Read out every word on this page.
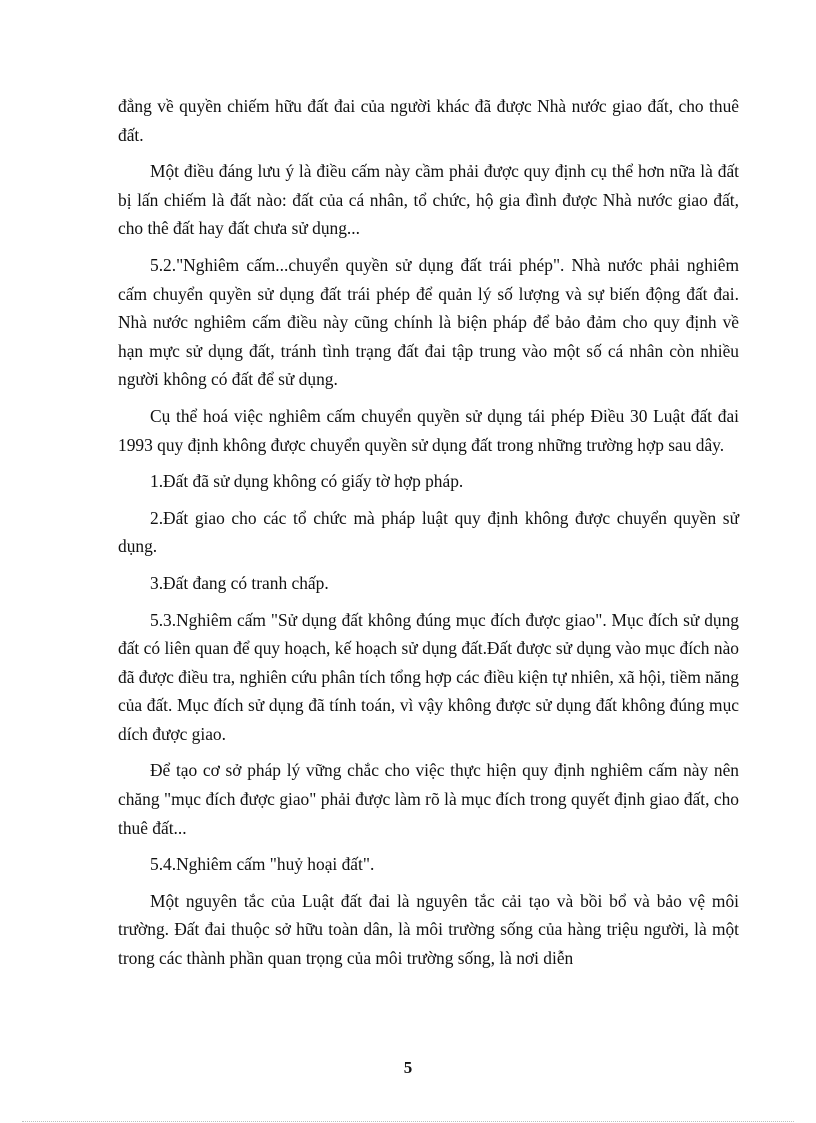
đẳng về quyền chiếm hữu đất đai của người khác đã được Nhà nước giao đất, cho thuê đất.

Một điều đáng lưu ý là điều cấm này cầm phải được quy định cụ thể hơn nữa là đất bị lấn chiếm là đất nào: đất của cá nhân, tổ chức, hộ gia đình được Nhà nước giao đất, cho thê đất hay đất chưa sử dụng...

5.2."Nghiêm cấm...chuyển quyền sử dụng đất trái phép". Nhà nước phải nghiêm cấm chuyển quyền sử dụng đất trái phép để quản lý số lượng và sự biến động đất đai. Nhà nước nghiêm cấm điều này cũng chính là biện pháp để bảo đảm cho quy định về hạn mực sử dụng đất, tránh tình trạng đất đai tập trung vào một số cá nhân còn nhiều người không có đất để sử dụng.

Cụ thể hoá việc nghiêm cấm chuyển quyền sử dụng tái phép Điều 30 Luật đất đai 1993 quy định không được chuyển quyền sử dụng đất trong những trường hợp sau dây.

1.Đất đã sử dụng không có giấy tờ hợp pháp.

2.Đất giao cho các tổ chức mà pháp luật quy định không được chuyển quyền sử dụng.

3.Đất đang có tranh chấp.

5.3.Nghiêm cấm "Sử dụng đất không đúng mục đích được giao". Mục đích sử dụng đất có liên quan để quy hoạch, kế hoạch sử dụng đất.Đất được sử dụng vào mục đích nào đã được điều tra, nghiên cứu phân tích tổng hợp các điều kiện tự nhiên, xã hội, tiềm năng của đất. Mục đích sử dụng đã tính toán, vì vậy không được sử dụng đất không đúng mục dích được giao.

Để tạo cơ sở pháp lý vững chắc cho việc thực hiện quy định nghiêm cấm này nên chăng "mục đích được giao" phải được làm rõ là mục đích trong quyết định giao đất, cho thuê đất...

5.4.Nghiêm cấm "huỷ hoại đất".

Một nguyên tắc của Luật đất đai là nguyên tắc cải tạo và bồi bổ và bảo vệ môi trường. Đất đai thuộc sở hữu toàn dân, là môi trường sống của hàng triệu người, là một trong các thành phần quan trọng của môi trường sống, là nơi diễn

5
